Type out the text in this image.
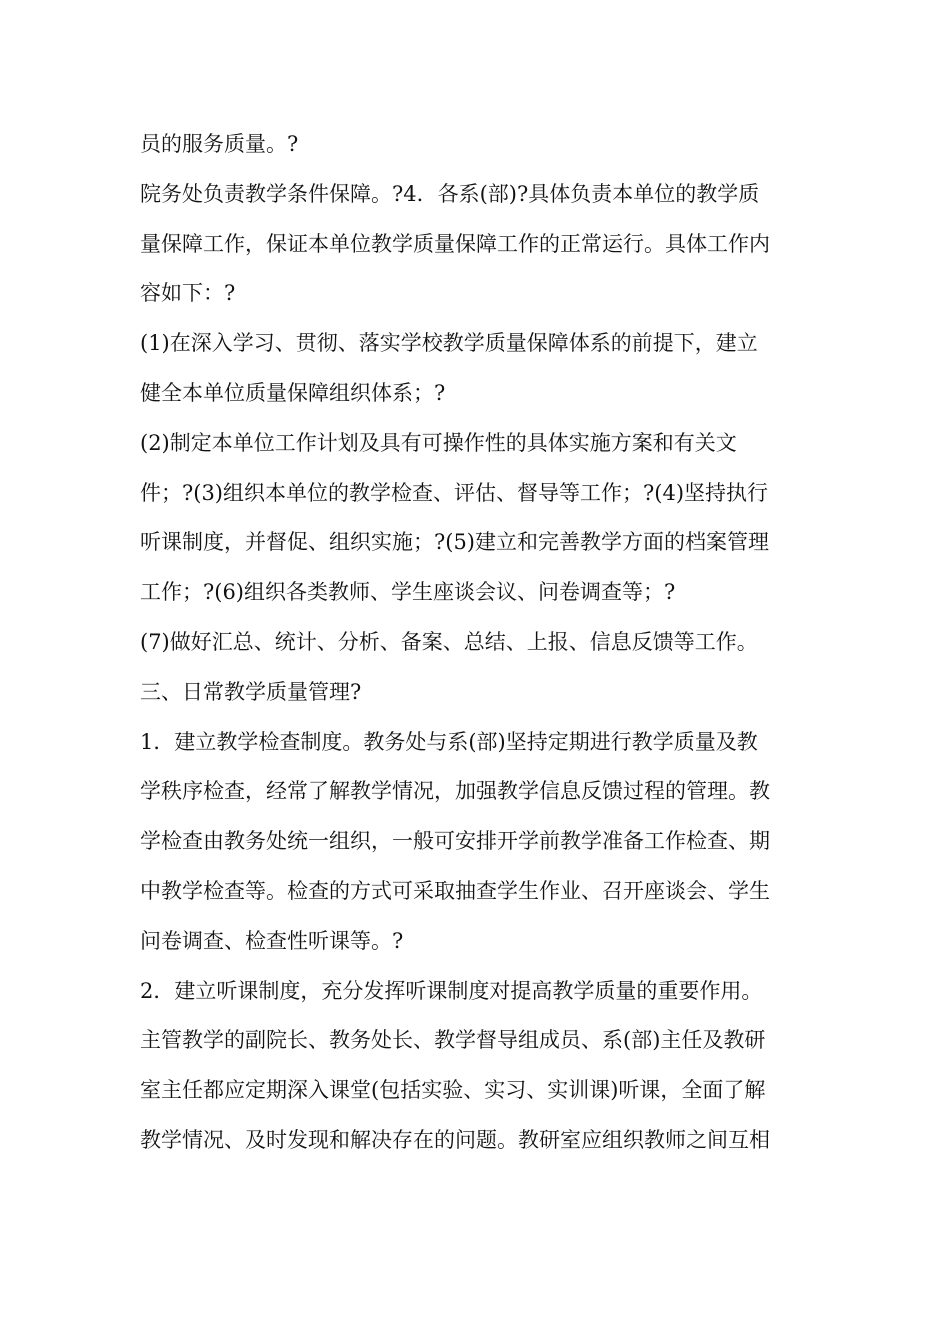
员的服务质量。?
院务处负责教学条件保障。?4．各系(部)?具体负责本单位的教学质
量保障工作，保证本单位教学质量保障工作的正常运行。具体工作内
容如下：?
(1)在深入学习、贯彻、落实学校教学质量保障体系的前提下，建立
健全本单位质量保障组织体系；?
(2)制定本单位工作计划及具有可操作性的具体实施方案和有关文
件；?(3)组织本单位的教学检查、评估、督导等工作；?(4)坚持执行
听课制度，并督促、组织实施；?(5)建立和完善教学方面的档案管理
工作；?(6)组织各类教师、学生座谈会议、问卷调查等；?
(7)做好汇总、统计、分析、备案、总结、上报、信息反馈等工作。
三、日常教学质量管理?
1．建立教学检查制度。教务处与系(部)坚持定期进行教学质量及教
学秩序检查，经常了解教学情况，加强教学信息反馈过程的管理。教
学检查由教务处统一组织，一般可安排开学前教学准备工作检查、期
中教学检查等。检查的方式可采取抽查学生作业、召开座谈会、学生
问卷调查、检查性听课等。?
2．建立听课制度，充分发挥听课制度对提高教学质量的重要作用。
主管教学的副院长、教务处长、教学督导组成员、系(部)主任及教研
室主任都应定期深入课堂(包括实验、实习、实训课)听课，全面了解
教学情况、及时发现和解决存在的问题。教研室应组织教师之间互相
